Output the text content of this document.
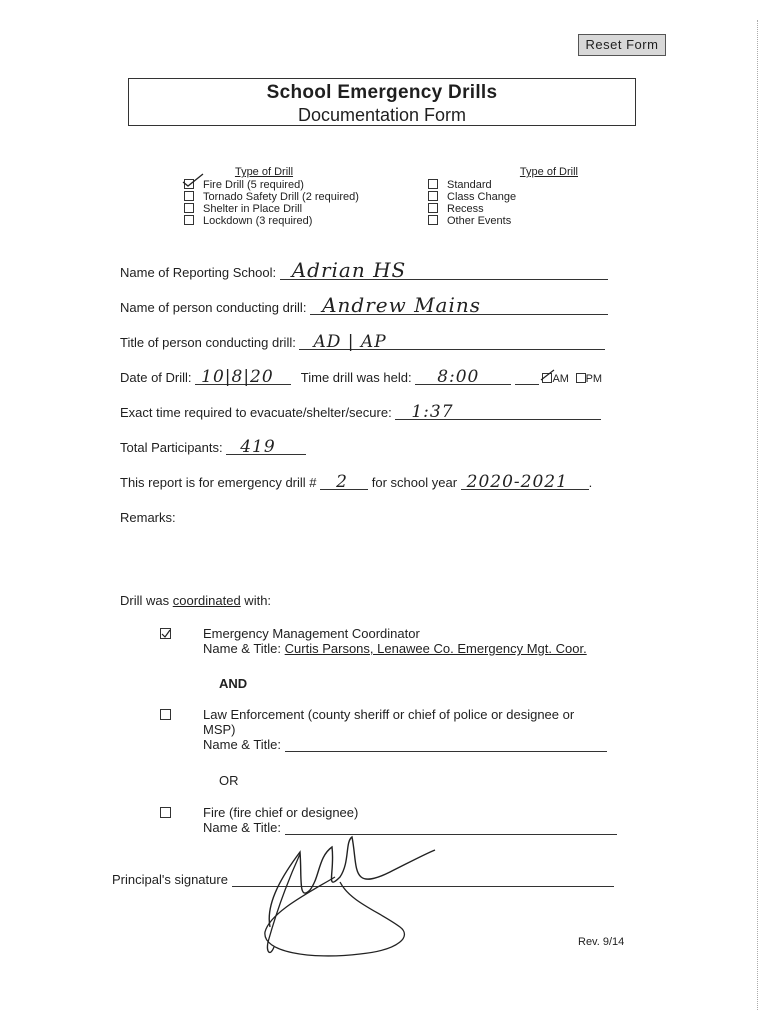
Reset Form
School Emergency Drills
Documentation Form
Type of Drill
Fire Drill (5 required)
Tornado Safety Drill (2 required)
Shelter in Place Drill
Lockdown (3 required)
Type of Drill
Standard
Class Change
Recess
Other Events
Name of Reporting School: Adrian HS
Name of person conducting drill: Andrew Mains
Title of person conducting drill: AD | AP
Date of Drill: 10|8|20 Time drill was held: 8:00
	AM PM
Exact time required to evacuate/shelter/secure: 1:37
Total Participants: 419
This report is for emergency drill # 2 for school year 2020-2021 .
Remarks:
Drill was coordinated with:
Emergency Management Coordinator
Name & Title: Curtis Parsons, Lenawee Co. Emergency Mgt. Coor.
AND
Law Enforcement (county sheriff or chief of police or designee or
MSP)
Name & Title:
OR
Fire (fire chief or designee)
Name & Title:
Principal's signature
Rev. 9/14
